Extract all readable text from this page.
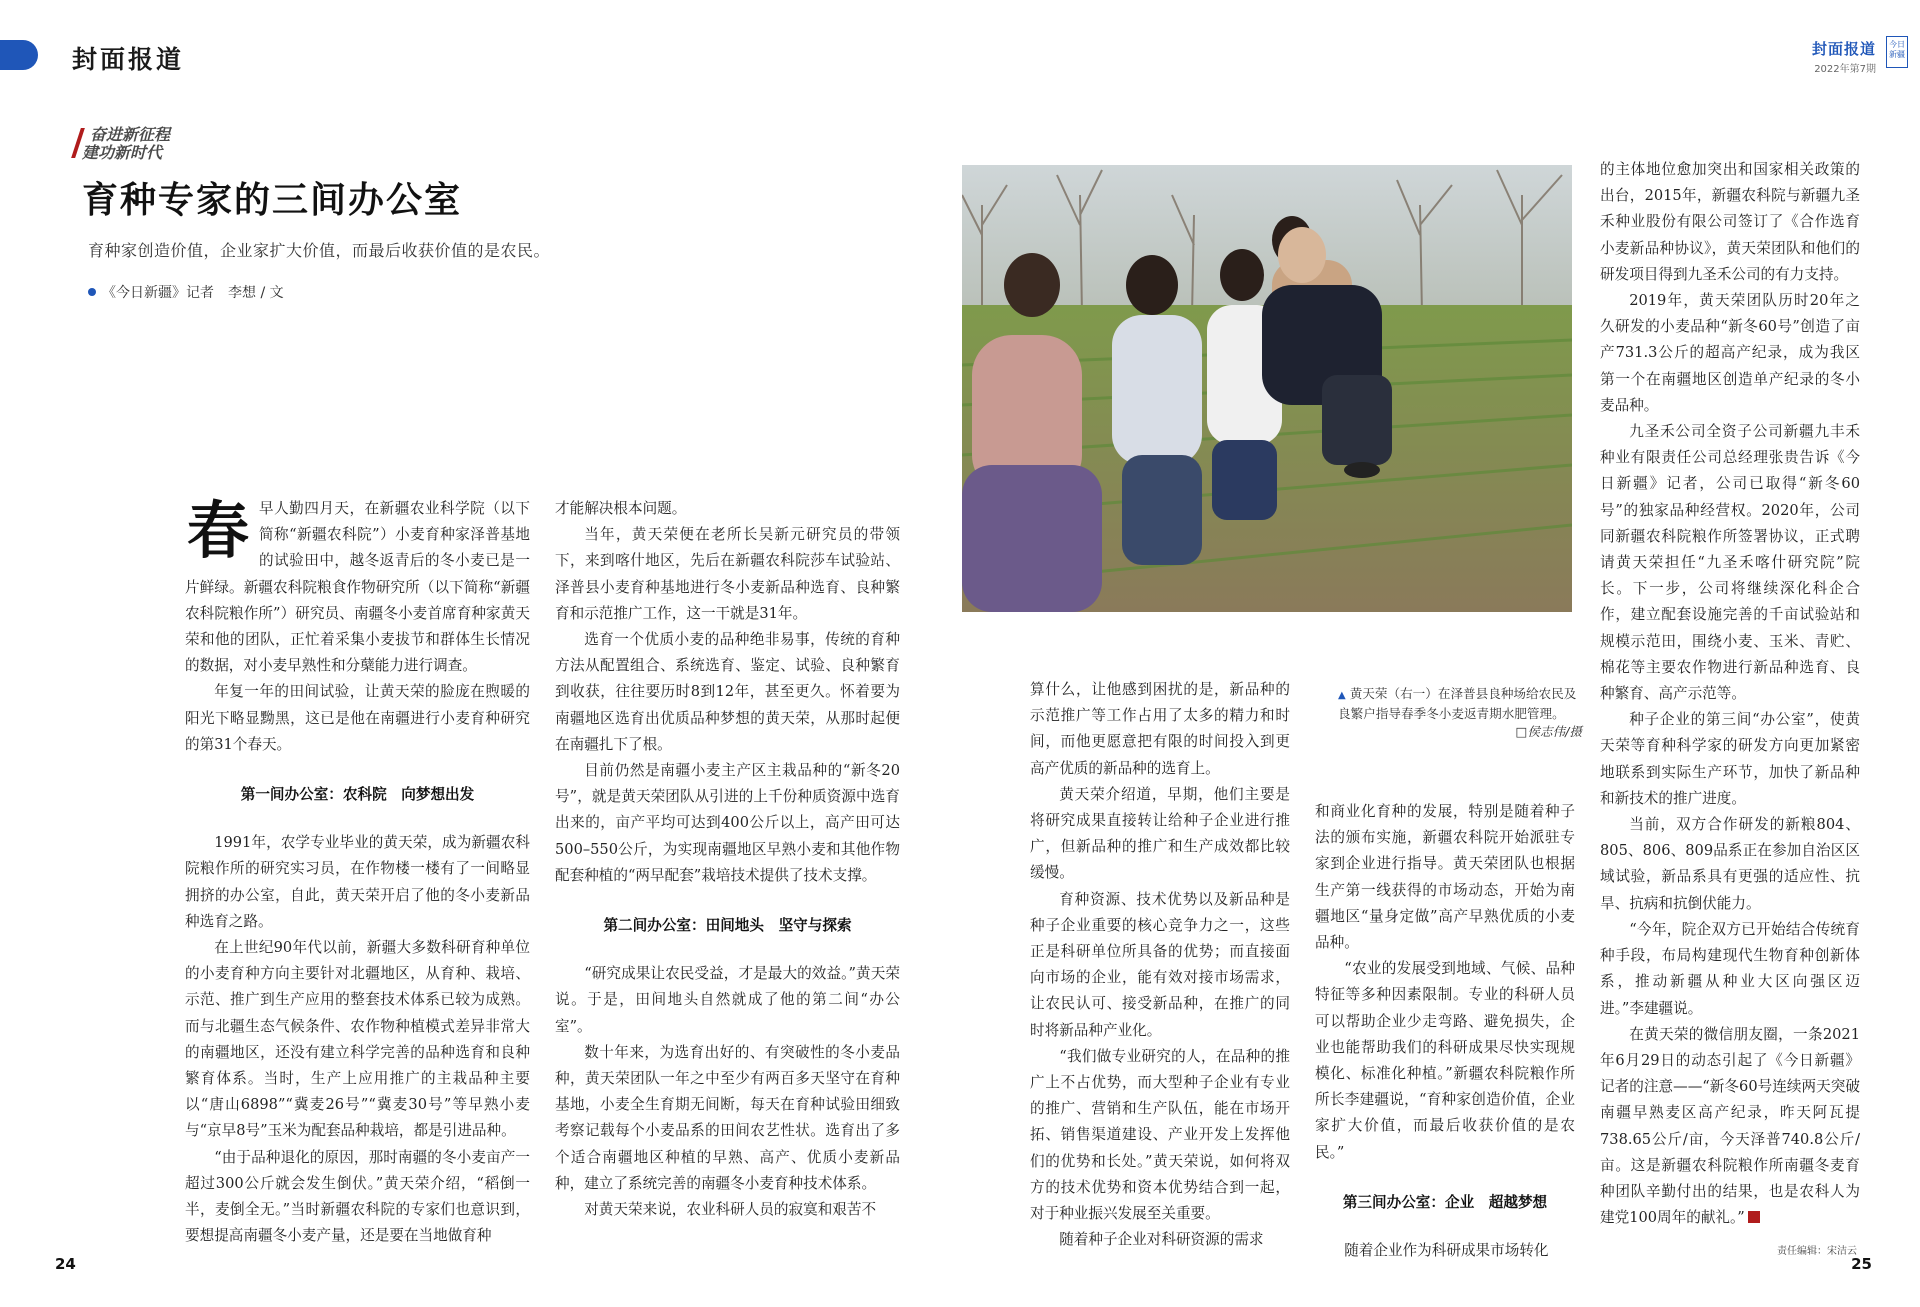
封面报道	封面报道
2022年第7期
今日新疆
奋进新征程
建功新时代
育种专家的三间办公室
育种家创造价值，企业家扩大价值，而最后收获价值的是农民。
《今日新疆》记者　李想 / 文

春早人勤四月天，在新疆农业科学院（以下简称“新疆农科院”）小麦育种家泽普基地的试验田中，越冬返青后的冬小麦已是一片鲜绿。新疆农科院粮食作物研究所（以下简称“新疆农科院粮作所”）研究员、南疆冬小麦首席育种家黄天荣和他的团队，正忙着采集小麦拔节和群体生长情况的数据，对小麦早熟性和分蘖能力进行调查。

年复一年的田间试验，让黄天荣的脸庞在煦暖的阳光下略显黝黑，这已是他在南疆进行小麦育种研究的第31个春天。

第一间办公室：农科院　向梦想出发

1991年，农学专业毕业的黄天荣，成为新疆农科院粮作所的研究实习员，在作物楼一楼有了一间略显拥挤的办公室，自此，黄天荣开启了他的冬小麦新品种选育之路。

在上世纪90年代以前，新疆大多数科研育种单位的小麦育种方向主要针对北疆地区，从育种、栽培、示范、推广到生产应用的整套技术体系已较为成熟。而与北疆生态气候条件、农作物种植模式差异非常大的南疆地区，还没有建立科学完善的品种选育和良种繁育体系。当时，生产上应用推广的主栽品种主要以“唐山6898”“冀麦26号”“冀麦30号”等早熟小麦与“京早8号”玉米为配套品种栽培，都是引进品种。

“由于品种退化的原因，那时南疆的冬小麦亩产一超过300公斤就会发生倒伏。”黄天荣介绍，“稻倒一半，麦倒全无。”当时新疆农科院的专家们也意识到，要想提高南疆冬小麦产量，还是要在当地做育种

才能解决根本问题。

当年，黄天荣便在老所长吴新元研究员的带领下，来到喀什地区，先后在新疆农科院莎车试验站、泽普县小麦育种基地进行冬小麦新品种选育、良种繁育和示范推广工作，这一干就是31年。

选育一个优质小麦的品种绝非易事，传统的育种方法从配置组合、系统选育、鉴定、试验、良种繁育到收获，往往要历时8到12年，甚至更久。怀着要为南疆地区选育出优质品种梦想的黄天荣，从那时起便在南疆扎下了根。

目前仍然是南疆小麦主产区主栽品种的“新冬20号”，就是黄天荣团队从引进的上千份种质资源中选育出来的，亩产平均可达到400公斤以上，高产田可达500–550公斤，为实现南疆地区早熟小麦和其他作物配套种植的“两早配套”栽培技术提供了技术支撑。

第二间办公室：田间地头　坚守与探索

“研究成果让农民受益，才是最大的效益。”黄天荣说。于是，田间地头自然就成了他的第二间“办公室”。

数十年来，为选育出好的、有突破性的冬小麦品种，黄天荣团队一年之中至少有两百多天坚守在育种基地，小麦全生育期无间断，每天在育种试验田细致考察记载每个小麦品系的田间农艺性状。选育出了多个适合南疆地区种植的早熟、高产、优质小麦新品种，建立了系统完善的南疆冬小麦育种技术体系。

对黄天荣来说，农业科研人员的寂寞和艰苦不

算什么，让他感到困扰的是，新品种的示范推广等工作占用了太多的精力和时间，而他更愿意把有限的时间投入到更高产优质的新品种的选育上。

黄天荣介绍道，早期，他们主要是将研究成果直接转让给种子企业进行推广，但新品种的推广和生产成效都比较缓慢。

育种资源、技术优势以及新品种是种子企业重要的核心竞争力之一，这些正是科研单位所具备的优势；而直接面向市场的企业，能有效对接市场需求，让农民认可、接受新品种，在推广的同时将新品种产业化。

“我们做专业研究的人，在品种的推广上不占优势，而大型种子企业有专业的推广、营销和生产队伍，能在市场开拓、销售渠道建设、产业开发上发挥他们的优势和长处。”黄天荣说，如何将双方的技术优势和资本优势结合到一起，对于种业振兴发展至关重要。

随着种子企业对科研资源的需求

▲ 黄天荣（右一）在泽普县良种场给农民及良繁户指导春季冬小麦返青期水肥管理。
□侯志伟/摄

和商业化育种的发展，特别是随着种子法的颁布实施，新疆农科院开始派驻专家到企业进行指导。黄天荣团队也根据生产第一线获得的市场动态，开始为南疆地区“量身定做”高产早熟优质的小麦品种。

“农业的发展受到地域、气候、品种特征等多种因素限制。专业的科研人员可以帮助企业少走弯路、避免损失，企业也能帮助我们的科研成果尽快实现规模化、标准化种植。”新疆农科院粮作所所长李建疆说，“育种家创造价值，企业家扩大价值，而最后收获价值的是农民。”

第三间办公室：企业　超越梦想

随着企业作为科研成果市场转化

的主体地位愈加突出和国家相关政策的出台，2015年，新疆农科院与新疆九圣禾种业股份有限公司签订了《合作选育小麦新品种协议》，黄天荣团队和他们的研发项目得到九圣禾公司的有力支持。

2019年，黄天荣团队历时20年之久研发的小麦品种“新冬60号”创造了亩产731.3公斤的超高产纪录，成为我区第一个在南疆地区创造单产纪录的冬小麦品种。

九圣禾公司全资子公司新疆九丰禾种业有限责任公司总经理张贵告诉《今日新疆》记者，公司已取得“新冬60号”的独家品种经营权。2020年，公司同新疆农科院粮作所签署协议，正式聘请黄天荣担任“九圣禾喀什研究院”院长。下一步，公司将继续深化科企合作，建立配套设施完善的千亩试验站和规模示范田，围绕小麦、玉米、青贮、棉花等主要农作物进行新品种选育、良种繁育、高产示范等。

种子企业的第三间“办公室”，使黄天荣等育种科学家的研发方向更加紧密地联系到实际生产环节，加快了新品种和新技术的推广进度。

当前，双方合作研发的新粮804、805、806、809品系正在参加自治区区域试验，新品系具有更强的适应性、抗旱、抗病和抗倒伏能力。

“今年，院企双方已开始结合传统育种手段，布局构建现代生物育种创新体系，推动新疆从种业大区向强区迈进。”李建疆说。

在黄天荣的微信朋友圈，一条2021年6月29日的动态引起了《今日新疆》记者的注意——“新冬60号连续两天突破南疆早熟麦区高产纪录，昨天阿瓦提738.65公斤/亩，今天泽普740.8公斤/亩。这是新疆农科院粮作所南疆冬麦育种团队辛勤付出的结果，也是农科人为建党100周年的献礼。”

24	25
责任编辑：宋洁云
